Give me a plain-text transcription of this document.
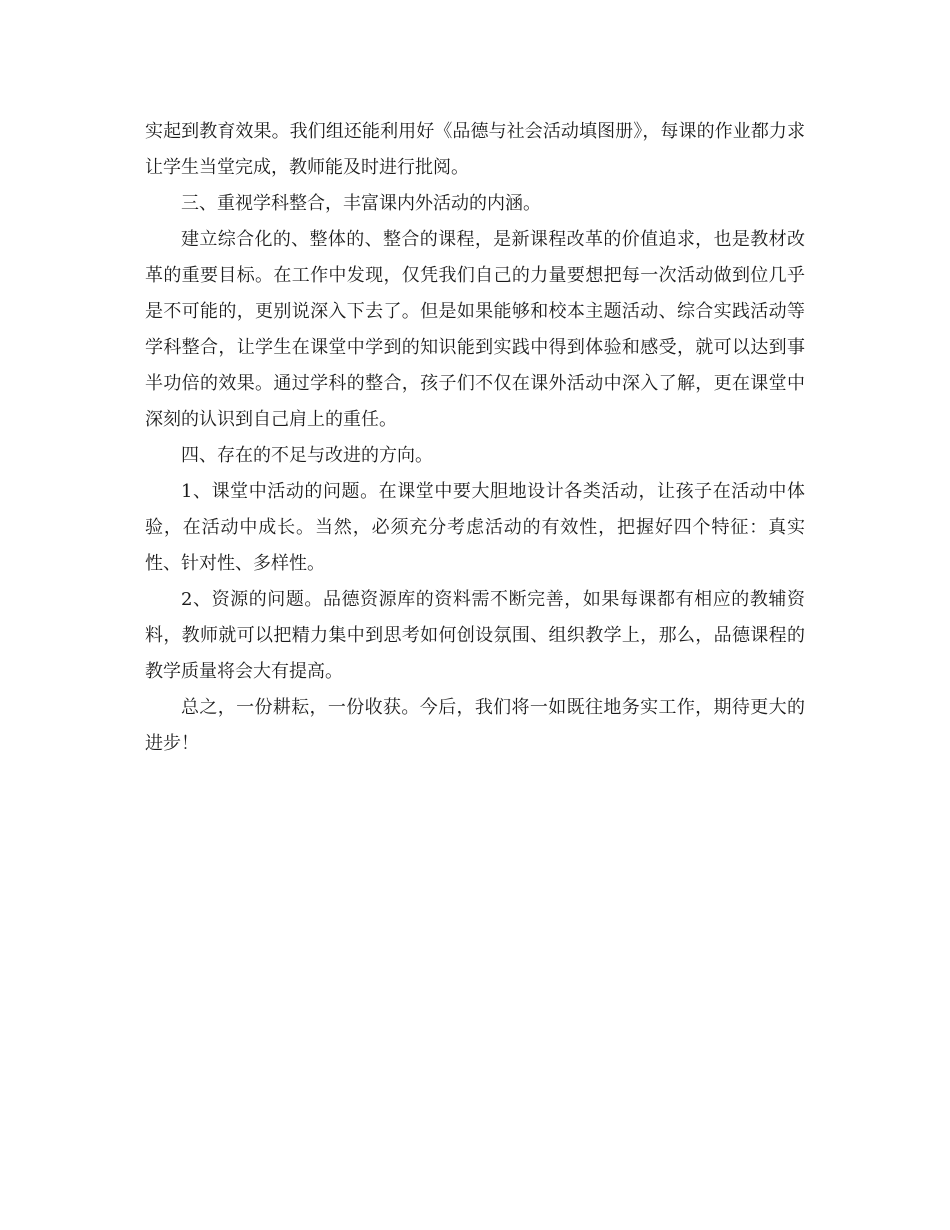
实起到教育效果。我们组还能利用好《品德与社会活动填图册》，每课的作业都力求让学生当堂完成，教师能及时进行批阅。

三、重视学科整合，丰富课内外活动的内涵。

建立综合化的、整体的、整合的课程，是新课程改革的价值追求，也是教材改革的重要目标。在工作中发现，仅凭我们自己的力量要想把每一次活动做到位几乎是不可能的，更别说深入下去了。但是如果能够和校本主题活动、综合实践活动等学科整合，让学生在课堂中学到的知识能到实践中得到体验和感受，就可以达到事半功倍的效果。通过学科的整合，孩子们不仅在课外活动中深入了解，更在课堂中深刻的认识到自己肩上的重任。

四、存在的不足与改进的方向。

1、课堂中活动的问题。在课堂中要大胆地设计各类活动，让孩子在活动中体验，在活动中成长。当然，必须充分考虑活动的有效性，把握好四个特征：真实性、针对性、多样性。

2、资源的问题。品德资源库的资料需不断完善，如果每课都有相应的教辅资料，教师就可以把精力集中到思考如何创设氛围、组织教学上，那么，品德课程的教学质量将会大有提高。

总之，一份耕耘，一份收获。今后，我们将一如既往地务实工作，期待更大的进步！
